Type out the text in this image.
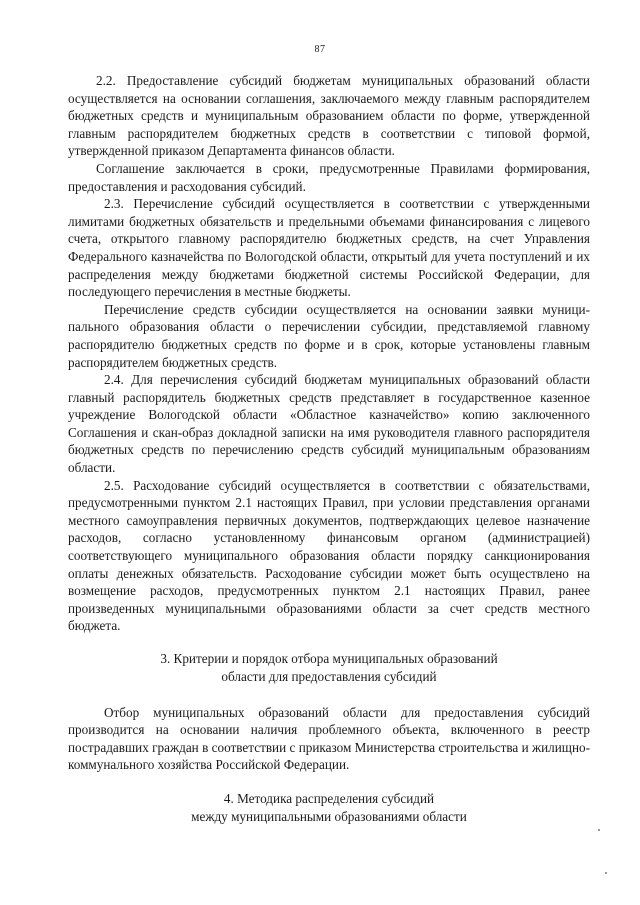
87

2.2. Предоставление субсидий бюджетам муниципальных образований области осуществляется на основании соглашения, заключаемого между главным распорядителем бюджетных средств и муниципальным образованием области по форме, утвержденной главным распорядителем бюджетных средств в соответствии с типовой формой, утвержденной приказом Департамента финансов области.

Соглашение заключается в сроки, предусмотренные Правилами формирования, предоставления и расходования субсидий.

2.3. Перечисление субсидий осуществляется в соответствии с утвержденными лимитами бюджетных обязательств и предельными объемами финансирования с лицевого счета, открытого главному распорядителю бюджетных средств, на счет Управления Федерального казначейства по Вологодской области, открытый для учета поступлений и их распределения между бюджетами бюджетной системы Российской Федерации, для последующего перечисления в местные бюджеты.

Перечисление средств субсидии осуществляется на основании заявки муниципального образования области о перечислении субсидии, представляемой главному распорядителю бюджетных средств по форме и в срок, которые установлены главным распорядителем бюджетных средств.

2.4. Для перечисления субсидий бюджетам муниципальных образований области главный распорядитель бюджетных средств представляет в государственное казенное учреждение Вологодской области «Областное казначейство» копию заключенного Соглашения и скан-образ докладной записки на имя руководителя главного распорядителя бюджетных средств по перечислению средств субсидий муниципальным образованиям области.

2.5. Расходование субсидий осуществляется в соответствии с обязательствами, предусмотренными пунктом 2.1 настоящих Правил, при условии представления органами местного самоуправления первичных документов, подтверждающих целевое назначение расходов, согласно установленному финансовым органом (администрацией) соответствующего муниципального образования области порядку санкционирования оплаты денежных обязательств. Расходование субсидии может быть осуществлено на возмещение расходов, предусмотренных пунктом 2.1 настоящих Правил, ранее произведенных муниципальными образованиями области за счет средств местного бюджета.

3. Критерии и порядок отбора муниципальных образований

области для предоставления субсидий

Отбор муниципальных образований области для предоставления субсидий производится на основании наличия проблемного объекта, включенного в реестр пострадавших граждан в соответствии с приказом Министерства строительства и жилищно-коммунального хозяйства Российской Федерации.

4. Методика распределения субсидий

между муниципальными образованиями области
